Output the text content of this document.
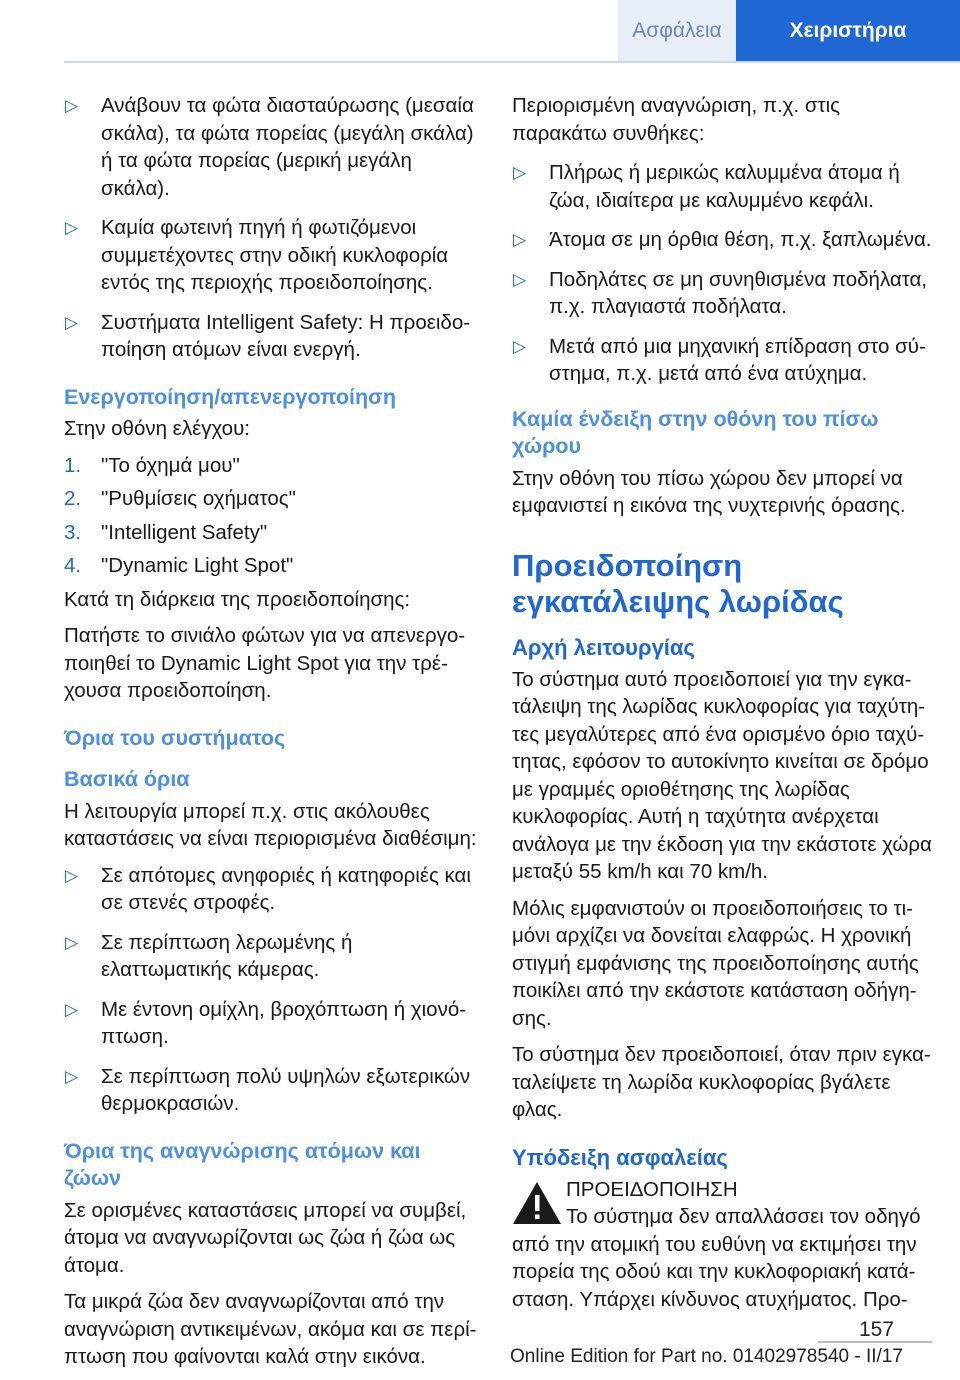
Ασφάλεια	Χειριστήρια
▷ Ανάβουν τα φώτα διασταύρωσης (μεσαία σκάλα), τα φώτα πορείας (μεγάλη σκάλα) ή τα φώτα πορείας (μερική μεγάλη σκάλα).
▷ Καμία φωτεινή πηγή ή φωτιζόμενοι συμμετέχοντες στην οδική κυκλοφορία εντός της περιοχής προειδοποίησης.
▷ Συστήματα Intelligent Safety: Η προειδοποίηση ατόμων είναι ενεργή.
Ενεργοποίηση/απενεργοποίηση

Στην οθόνη ελέγχου:

1. "Το όχημά μου"
2. "Ρυθμίσεις οχήματος"
3. "Intelligent Safety"
4. "Dynamic Light Spot"

Κατά τη διάρκεια της προειδοποίησης:

Πατήστε το σινιάλο φώτων για να απενεργοποιηθεί το Dynamic Light Spot για την τρέχουσα προειδοποίηση.

Όρια του συστήματος
Βασικά όρια

Η λειτουργία μπορεί π.χ. στις ακόλουθες καταστάσεις να είναι περιορισμένα διαθέσιμη:

▷ Σε απότομες ανηφοριές ή κατηφοριές και σε στενές στροφές.
▷ Σε περίπτωση λερωμένης ή ελαττωματικής κάμερας.
▷ Με έντονη ομίχλη, βροχόπτωση ή χιονόπτωση.
▷ Σε περίπτωση πολύ υψηλών εξωτερικών θερμοκρασιών.
Όρια της αναγνώρισης ατόμων και ζώων

Σε ορισμένες καταστάσεις μπορεί να συμβεί, άτομα να αναγνωρίζονται ως ζώα ή ζώα ως άτομα.

Τα μικρά ζώα δεν αναγνωρίζονται από την αναγνώριση αντικειμένων, ακόμα και σε περίπτωση που φαίνονται καλά στην εικόνα.

Περιορισμένη αναγνώριση, π.χ. στις παρακάτω συνθήκες:

▷ Πλήρως ή μερικώς καλυμμένα άτομα ή ζώα, ιδιαίτερα με καλυμμένο κεφάλι.
▷ Άτομα σε μη όρθια θέση, π.χ. ξαπλωμένα.
▷ Ποδηλάτες σε μη συνηθισμένα ποδήλατα, π.χ. πλαγιαστά ποδήλατα.
▷ Μετά από μια μηχανική επίδραση στο σύστημα, π.χ. μετά από ένα ατύχημα.
Καμία ένδειξη στην οθόνη του πίσω χώρου

Στην οθόνη του πίσω χώρου δεν μπορεί να εμφανιστεί η εικόνα της νυχτερινής όρασης.

Προειδοποίηση εγκατάλειψης λωρίδας
Αρχή λειτουργίας

Το σύστημα αυτό προειδοποιεί για την εγκατάλειψη της λωρίδας κυκλοφορίας για ταχύτητες μεγαλύτερες από ένα ορισμένο όριο ταχύτητας, εφόσον το αυτοκίνητο κινείται σε δρόμο με γραμμές οριοθέτησης της λωρίδας κυκλοφορίας. Αυτή η ταχύτητα ανέρχεται ανάλογα με την έκδοση για την εκάστοτε χώρα μεταξύ 55 km/h και 70 km/h.

Μόλις εμφανιστούν οι προειδοποιήσεις το τιμόνι αρχίζει να δονείται ελαφρώς. Η χρονική στιγμή εμφάνισης της προειδοποίησης αυτής ποικίλει από την εκάστοτε κατάσταση οδήγησης.

Το σύστημα δεν προειδοποιεί, όταν πριν εγκαταλείψετε τη λωρίδα κυκλοφορίας βγάλετε φλας.

Υπόδειξη ασφαλείας
ΠΡΟΕΙΔΟΠΟΙΗΣΗ
Το σύστημα δεν απαλλάσσει τον οδηγό από την ατομική του ευθύνη να εκτιμήσει την πορεία της οδού και την κυκλοφοριακή κατάσταση. Υπάρχει κίνδυνος ατυχήματος. Προ-
157
Online Edition for Part no. 01402978540 - II/17
